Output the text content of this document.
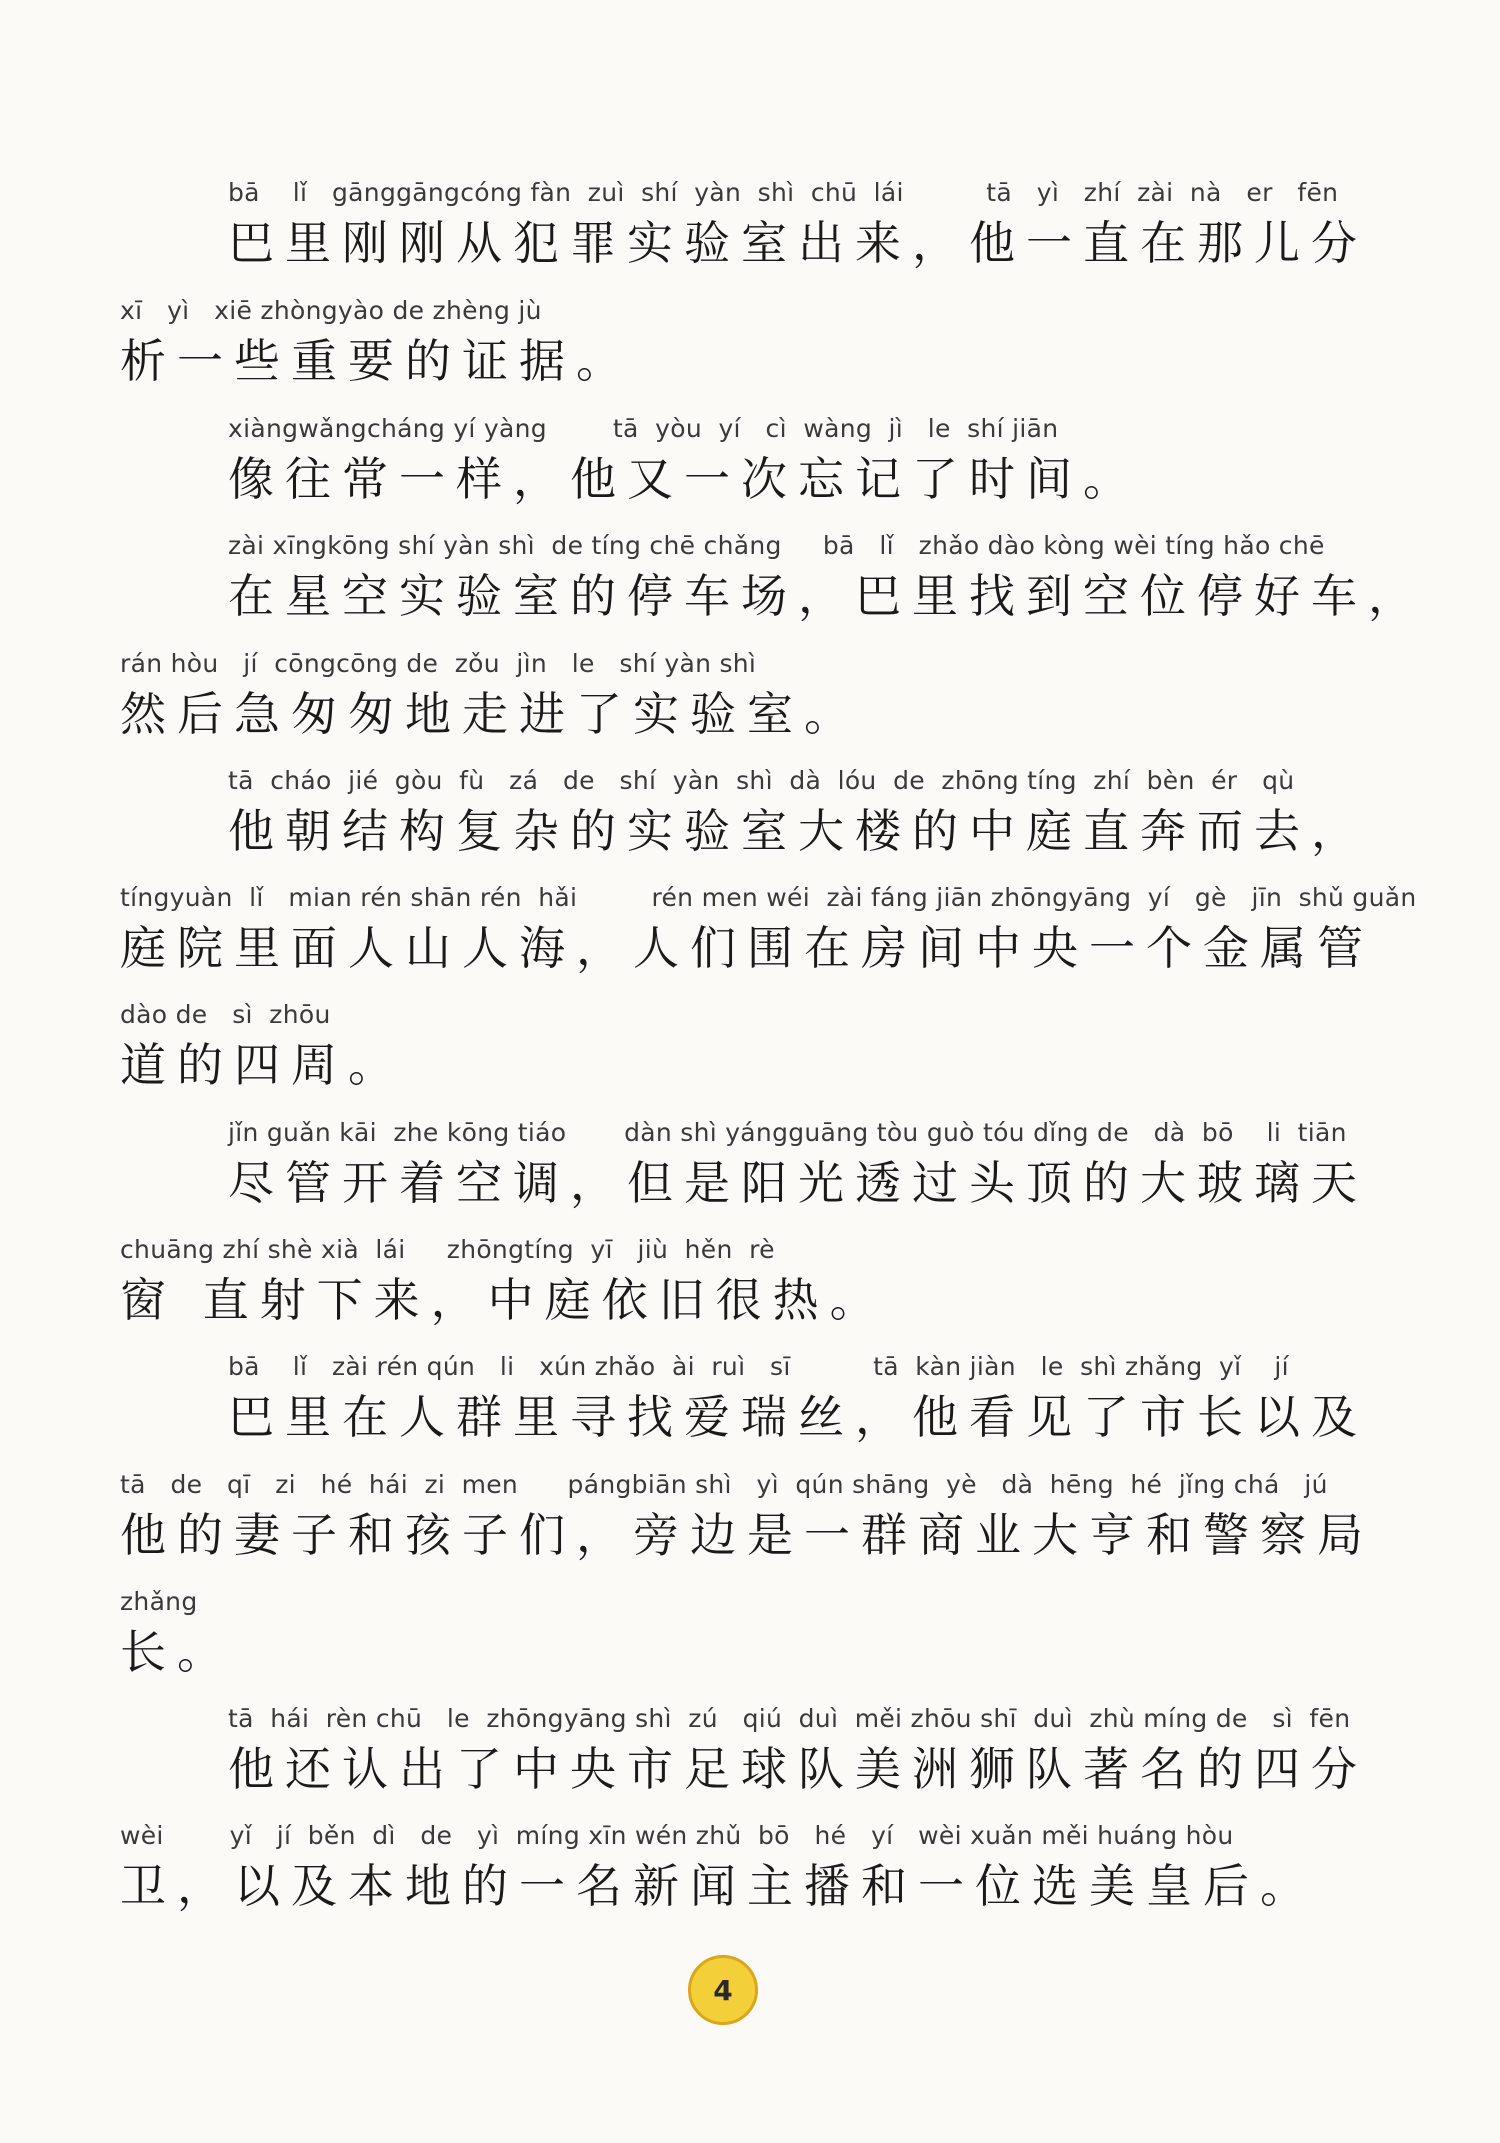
bā    lǐ   gānggāngcóng fàn  zuì  shí  yàn  shì  chū  lái          tā   yì   zhí  zài  nà   er   fēn
巴里刚刚从犯罪实验室出来，他一直在那儿分
xī   yì   xiē zhòngyào de zhèng jù
析一些重要的证据。
xiàngwǎngcháng yí yàng        tā  yòu  yí   cì  wàng  jì   le  shí jiān
像往常一样，他又一次忘记了时间。
zài xīngkōng shí yàn shì  de tíng chē chǎng     bā   lǐ   zhǎo dào kòng wèi tíng hǎo chē
在星空实验室的停车场，巴里找到空位停好车，
rán hòu   jí  cōngcōng de  zǒu  jìn   le   shí yàn shì
然后急匆匆地走进了实验室。
tā  cháo  jié  gòu  fù   zá   de   shí  yàn  shì  dà  lóu  de  zhōng tíng  zhí  bèn  ér   qù
他朝结构复杂的实验室大楼的中庭直奔而去，
tíngyuàn  lǐ   mian rén shān rén  hǎi         rén men wéi  zài fáng jiān zhōngyāng  yí   gè   jīn  shǔ guǎn
庭院里面人山人海，人们围在房间中央一个金属管
dào de   sì  zhōu
道的四周。
jǐn guǎn kāi  zhe kōng tiáo       dàn shì yángguāng tòu guò tóu dǐng de   dà  bō    li  tiān
尽管开着空调，但是阳光透过头顶的大玻璃天
chuāng zhí shè xià  lái     zhōngtíng  yī   jiù  hěn  rè
窗 直射下来，中庭依旧很热。
bā    lǐ   zài rén qún   li   xún zhǎo  ài  ruì   sī          tā  kàn jiàn   le  shì zhǎng  yǐ    jí
巴里在人群里寻找爱瑞丝，他看见了市长以及
tā   de   qī   zi   hé  hái  zi  men      pángbiān shì   yì  qún shāng  yè   dà  hēng  hé  jǐng chá   jú
他的妻子和孩子们，旁边是一群商业大亨和警察局
zhǎng
长。
tā  hái  rèn chū   le  zhōngyāng shì  zú   qiú  duì  měi zhōu shī  duì  zhù míng de   sì  fēn
他还认出了中央市足球队美洲狮队著名的四分
wèi        yǐ   jí  běn  dì   de   yì  míng xīn wén zhǔ  bō   hé   yí   wèi xuǎn měi huáng hòu
卫，以及本地的一名新闻主播和一位选美皇后。
4
